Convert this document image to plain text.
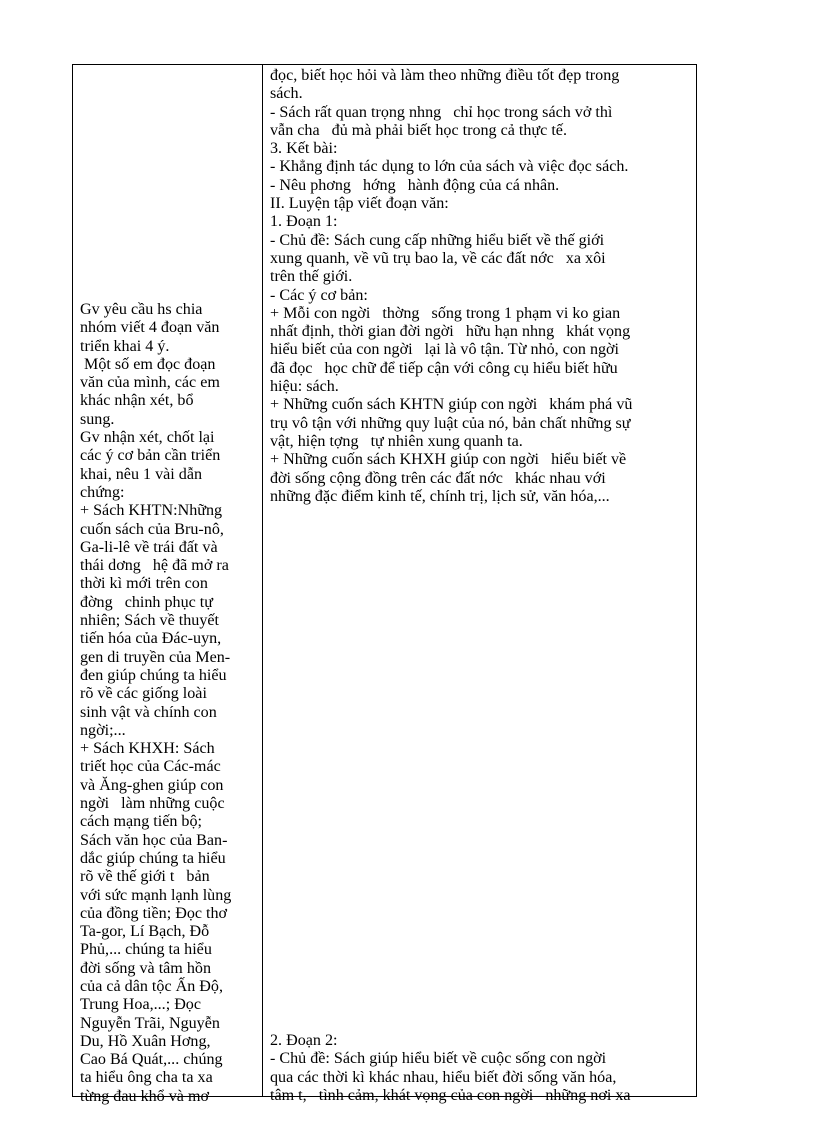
Gv yêu cầu hs chia
nhóm viết 4 đoạn văn
triển khai 4 ý.
Một số em đọc đoạn
văn của mình, các em
khác nhận xét, bổ
sung.
Gv nhận xét, chốt lại
các ý cơ bản cần triển
khai, nêu 1 vài dẫn
chứng:
+ Sách KHTN:Những
cuốn sách của Bru-nô,
Ga-li-lê về trái đất và
thái dơng   hệ đã mở ra
thời kì mới trên con
đờng   chinh phục tự
nhiên; Sách về thuyết
tiến hóa của Đác-uyn,
gen di truyền của Men-
đen giúp chúng ta hiểu
rõ về các giống loài
sinh vật và chính con
ngời;...
+ Sách KHXH: Sách
triết học của Các-mác
và Ăng-ghen giúp con
ngời   làm những cuộc
cách mạng tiến bộ;
Sách văn học của Ban-
dắc giúp chúng ta hiểu
rõ về thế giới t   bản
với sức mạnh lạnh lùng
của đồng tiền; Đọc thơ
Ta-gor, Lí Bạch, Đỗ
Phủ,... chúng ta hiểu
đời sống và tâm hồn
của cả dân tộc Ấn Độ,
Trung Hoa,...; Đọc
Nguyễn Trãi, Nguyễn
Du, Hồ Xuân Hơng,
Cao Bá Quát,... chúng
ta hiểu ông cha ta xa
từng đau khổ và mơ
đọc, biết học hỏi và làm theo những điều tốt đẹp trong
sách.
- Sách rất quan trọng nhng   chỉ học trong sách vở thì
vẫn cha   đủ mà phải biết học trong cả thực tế.
3. Kết bài:
- Khẳng định tác dụng to lớn của sách và việc đọc sách.
- Nêu phơng   hớng   hành động của cá nhân.
II. Luyện tập viết đoạn văn:
1. Đoạn 1:
- Chủ đề: Sách cung cấp những hiểu biết về thế giới
xung quanh, về vũ trụ bao la, về các đất nớc   xa xôi
trên thế giới.
- Các ý cơ bản:
+ Mỗi con ngời   thờng   sống trong 1 phạm vi ko gian
nhất định, thời gian đời ngời   hữu hạn nhng   khát vọng
hiểu biết của con ngời   lại là vô tận. Từ nhỏ, con ngời
đã đọc   học chữ để tiếp cận với công cụ hiểu biết hữu
hiệu: sách.
+ Những cuốn sách KHTN giúp con ngời   khám phá vũ
trụ vô tận với những quy luật của nó, bản chất những sự
vật, hiện tợng   tự nhiên xung quanh ta.
+ Những cuốn sách KHXH giúp con ngời   hiểu biết về
đời sống cộng đồng trên các đất nớc   khác nhau với
những đặc điểm kinh tế, chính trị, lịch sử, văn hóa,...
2. Đoạn 2:
- Chủ đề: Sách giúp hiểu biết về cuộc sống con ngời
qua các thời kì khác nhau, hiểu biết đời sống văn hóa,
tâm t,   tình cảm, khát vọng của con ngời   những nơi xa
